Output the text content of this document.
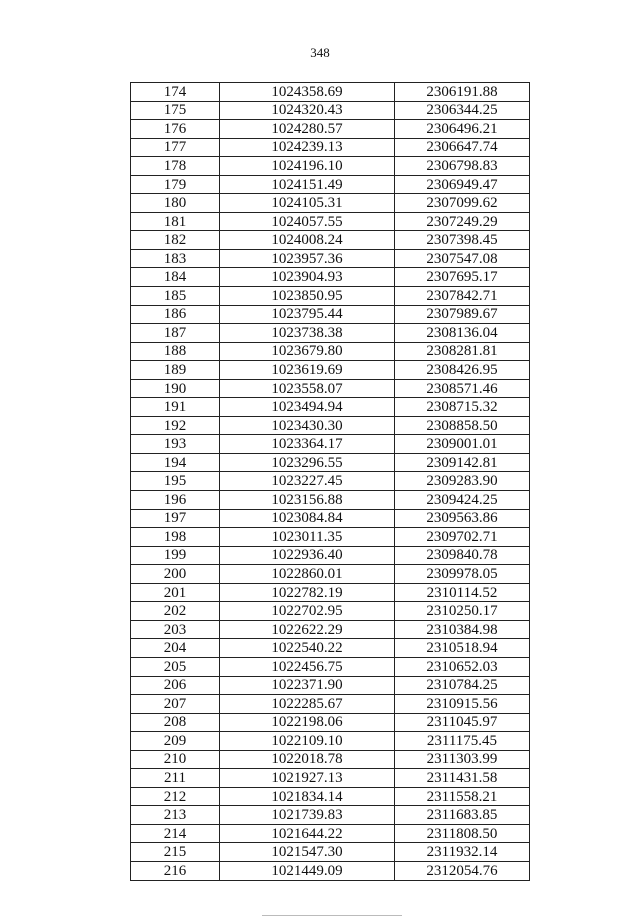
348
174	1024358.69	2306191.88
175	1024320.43	2306344.25
176	1024280.57	2306496.21
177	1024239.13	2306647.74
178	1024196.10	2306798.83
179	1024151.49	2306949.47
180	1024105.31	2307099.62
181	1024057.55	2307249.29
182	1024008.24	2307398.45
183	1023957.36	2307547.08
184	1023904.93	2307695.17
185	1023850.95	2307842.71
186	1023795.44	2307989.67
187	1023738.38	2308136.04
188	1023679.80	2308281.81
189	1023619.69	2308426.95
190	1023558.07	2308571.46
191	1023494.94	2308715.32
192	1023430.30	2308858.50
193	1023364.17	2309001.01
194	1023296.55	2309142.81
195	1023227.45	2309283.90
196	1023156.88	2309424.25
197	1023084.84	2309563.86
198	1023011.35	2309702.71
199	1022936.40	2309840.78
200	1022860.01	2309978.05
201	1022782.19	2310114.52
202	1022702.95	2310250.17
203	1022622.29	2310384.98
204	1022540.22	2310518.94
205	1022456.75	2310652.03
206	1022371.90	2310784.25
207	1022285.67	2310915.56
208	1022198.06	2311045.97
209	1022109.10	2311175.45
210	1022018.78	2311303.99
211	1021927.13	2311431.58
212	1021834.14	2311558.21
213	1021739.83	2311683.85
214	1021644.22	2311808.50
215	1021547.30	2311932.14
216	1021449.09	2312054.76
